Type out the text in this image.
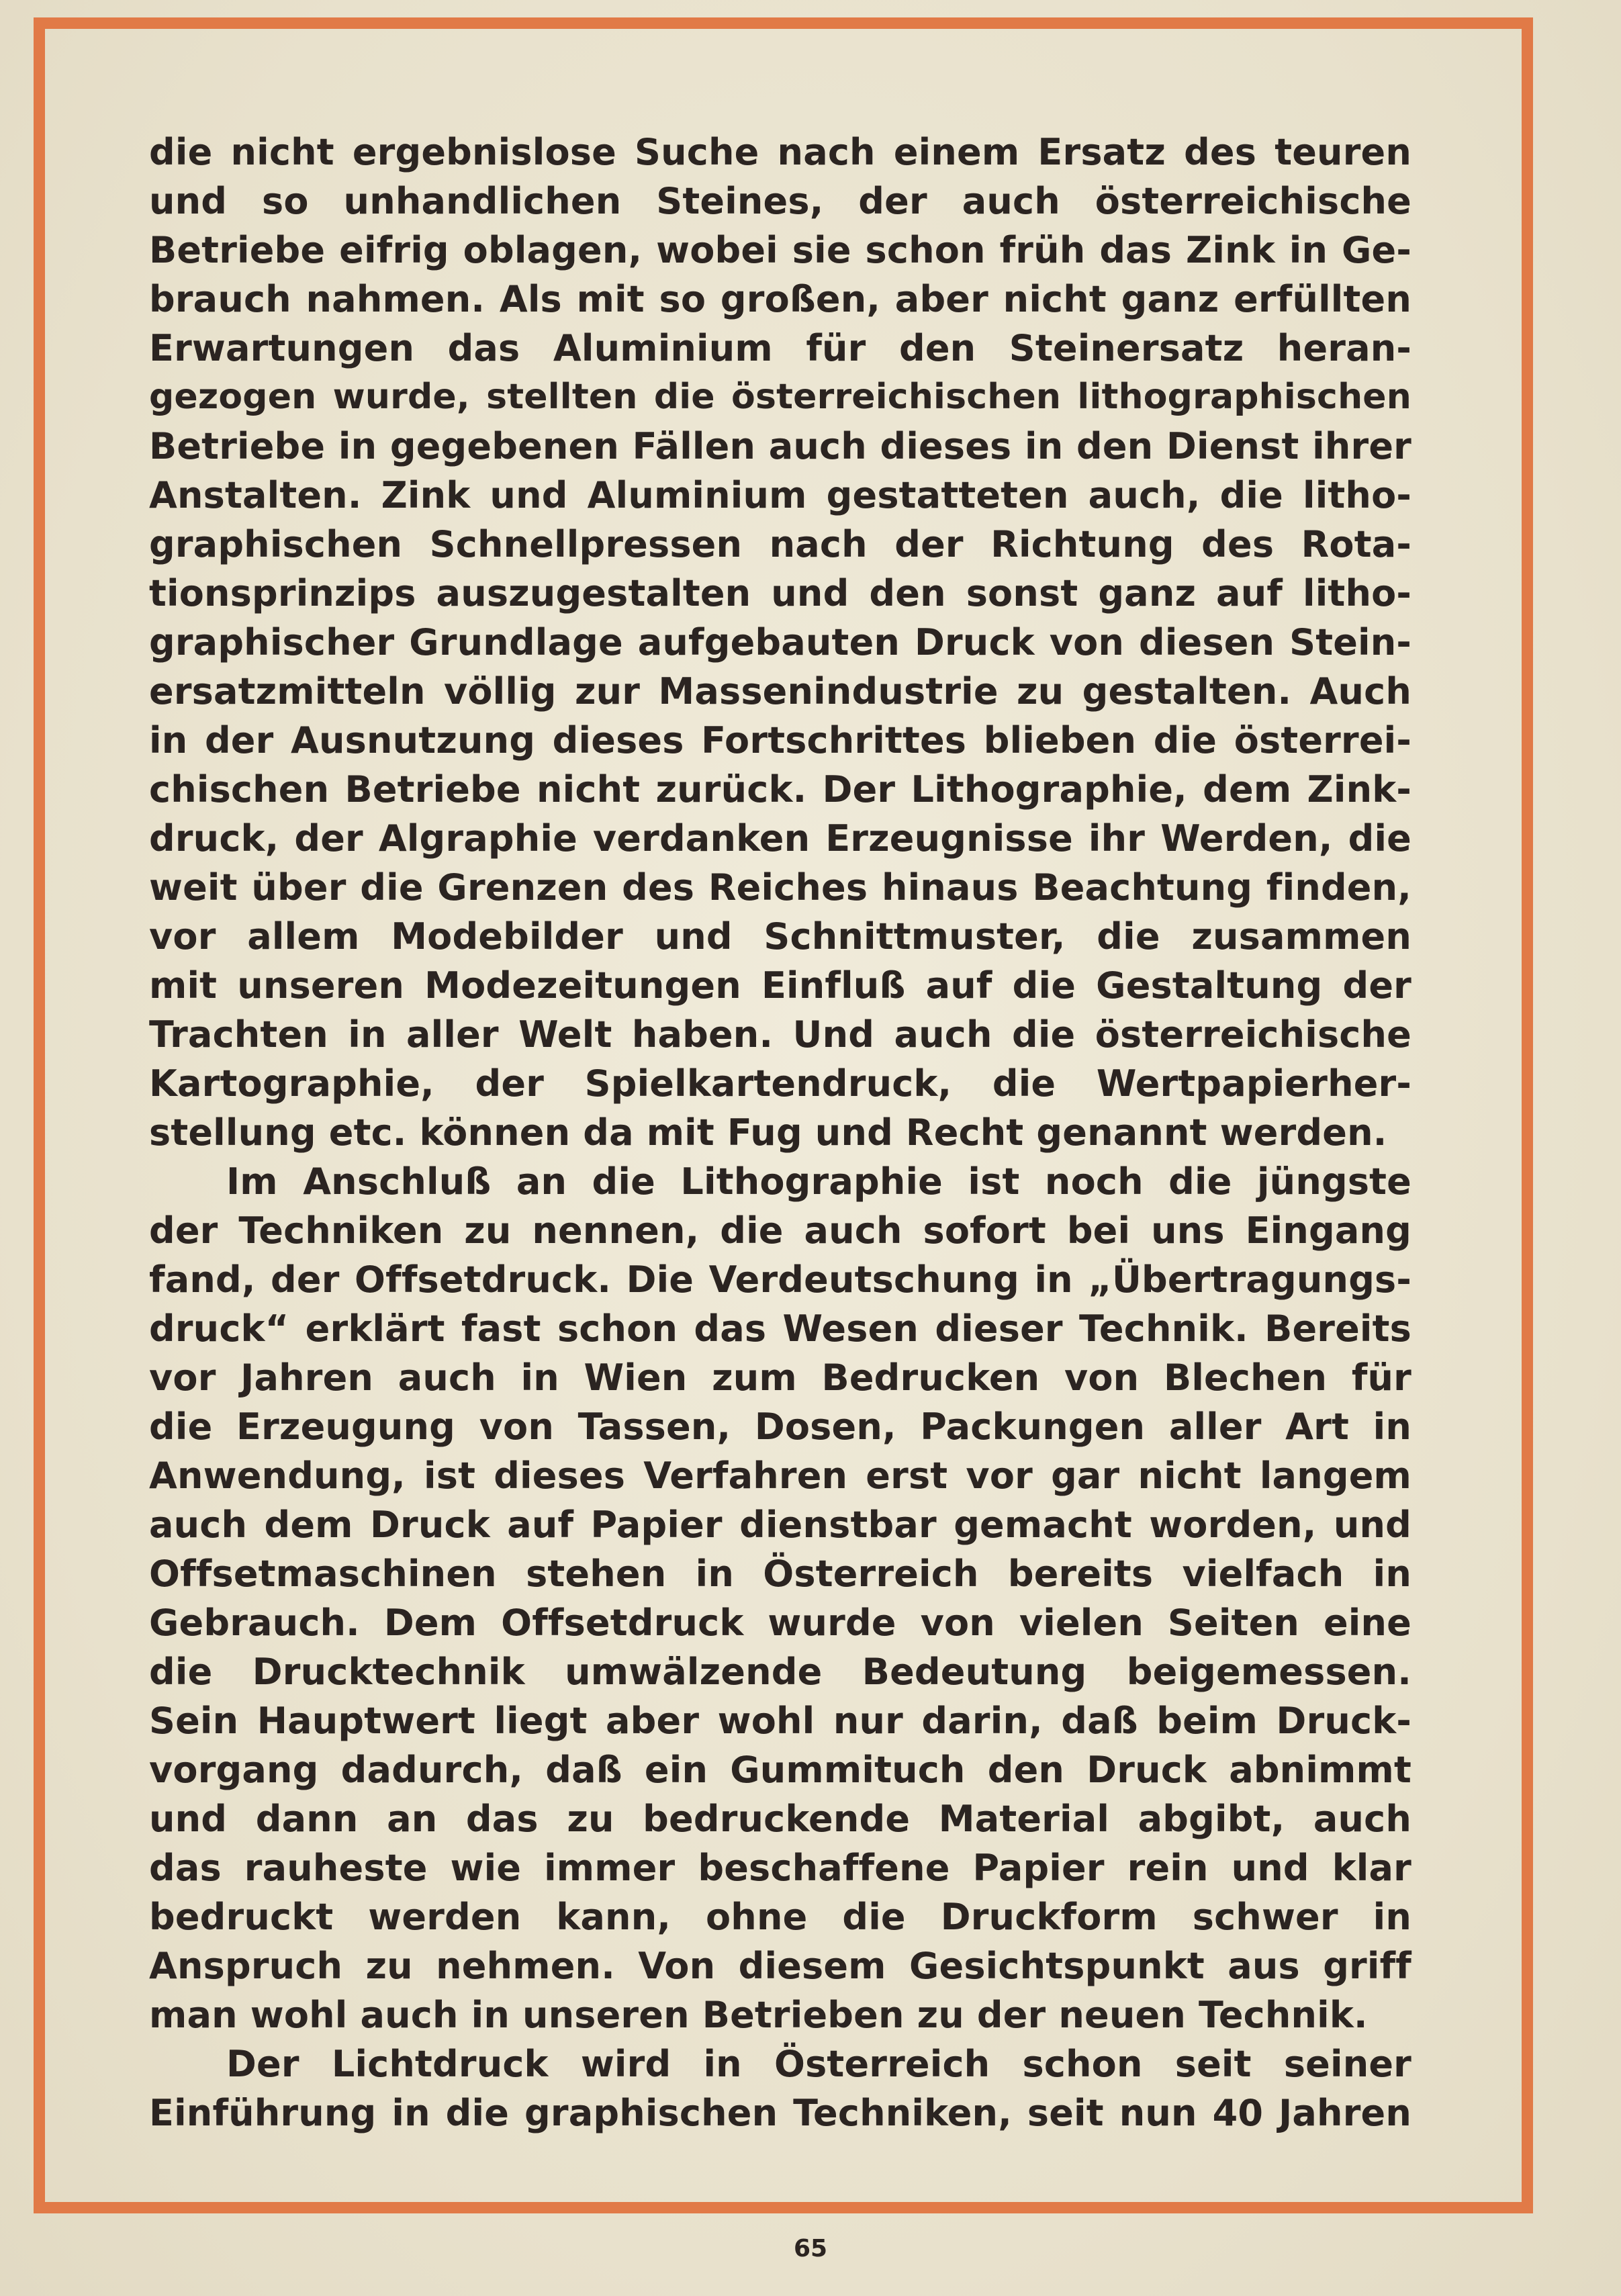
die nicht ergebnislose Suche nach einem Ersatz des teuren
und so unhandlichen Steines, der auch österreichische
Betriebe eifrig oblagen, wobei sie schon früh das Zink in Ge-
brauch nahmen. Als mit so großen, aber nicht ganz erfüllten
Erwartungen das Aluminium für den Steinersatz heran-
gezogen wurde, stellten die österreichischen lithographischen
Betriebe in gegebenen Fällen auch dieses in den Dienst ihrer
Anstalten. Zink und Aluminium gestatteten auch, die litho-
graphischen Schnellpressen nach der Richtung des Rota-
tionsprinzips auszugestalten und den sonst ganz auf litho-
graphischer Grundlage aufgebauten Druck von diesen Stein-
ersatzmitteln völlig zur Massenindustrie zu gestalten. Auch
in der Ausnutzung dieses Fortschrittes blieben die österrei-
chischen Betriebe nicht zurück. Der Lithographie, dem Zink-
druck, der Algraphie verdanken Erzeugnisse ihr Werden, die
weit über die Grenzen des Reiches hinaus Beachtung finden,
vor allem Modebilder und Schnittmuster, die zusammen
mit unseren Modezeitungen Einfluß auf die Gestaltung der
Trachten in aller Welt haben. Und auch die österreichische
Kartographie, der Spielkartendruck, die Wertpapierher-
stellung etc. können da mit Fug und Recht genannt werden.
Im Anschluß an die Lithographie ist noch die jüngste
der Techniken zu nennen, die auch sofort bei uns Eingang
fand, der Offsetdruck. Die Verdeutschung in „Übertragungs-
druck“ erklärt fast schon das Wesen dieser Technik. Bereits
vor Jahren auch in Wien zum Bedrucken von Blechen für
die Erzeugung von Tassen, Dosen, Packungen aller Art in
Anwendung, ist dieses Verfahren erst vor gar nicht langem
auch dem Druck auf Papier dienstbar gemacht worden, und
Offsetmaschinen stehen in Österreich bereits vielfach in
Gebrauch. Dem Offsetdruck wurde von vielen Seiten eine
die Drucktechnik umwälzende Bedeutung beigemessen.
Sein Hauptwert liegt aber wohl nur darin, daß beim Druck-
vorgang dadurch, daß ein Gummituch den Druck abnimmt
und dann an das zu bedruckende Material abgibt, auch
das rauheste wie immer beschaffene Papier rein und klar
bedruckt werden kann, ohne die Druckform schwer in
Anspruch zu nehmen. Von diesem Gesichtspunkt aus griff
man wohl auch in unseren Betrieben zu der neuen Technik.
Der Lichtdruck wird in Österreich schon seit seiner
Einführung in die graphischen Techniken, seit nun 40 Jahren
65
